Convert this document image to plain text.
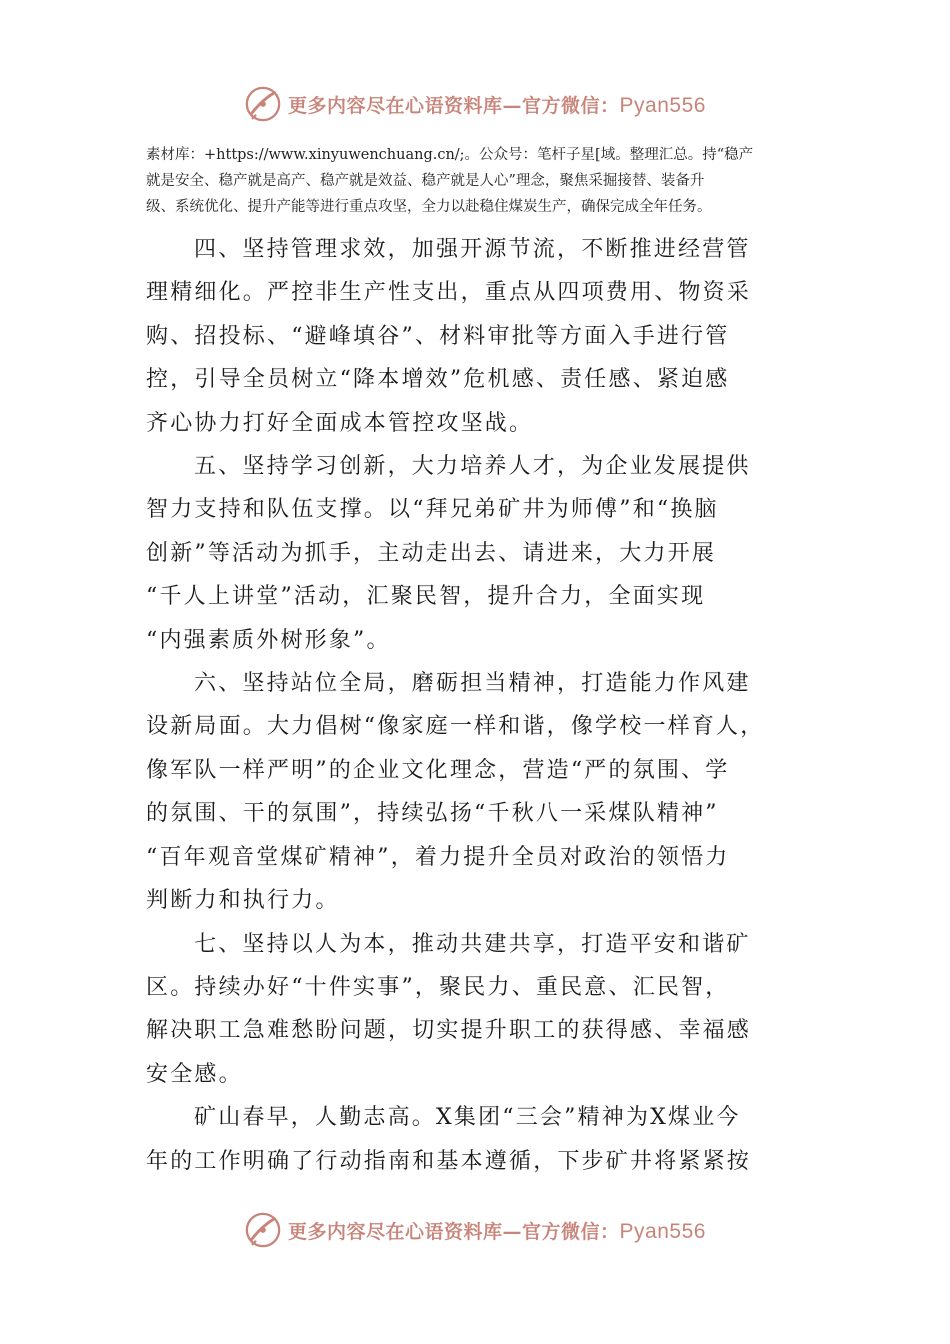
更多内容尽在心语资料库—官方微信：Pyan556

素材库：+https://www.xinyuwenchuang.cn/;。公众号：笔杆子星[域。整理汇总。持“稳产

就是安全、稳产就是高产、稳产就是效益、稳产就是人心”理念，聚焦采掘接替、装备升

级、系统优化、提升产能等进行重点攻坚，全力以赴稳住煤炭生产，确保完成全年任务。

四、坚持管理求效，加强开源节流，不断推进经营管
理精细化。严控非生产性支出，重点从四项费用、物资采
购、招投标、“避峰填谷”、材料审批等方面入手进行管
控，引导全员树立“降本增效”危机感、责任感、紧迫感
齐心协力打好全面成本管控攻坚战。

五、坚持学习创新，大力培养人才，为企业发展提供
智力支持和队伍支撑。以“拜兄弟矿井为师傅”和“换脑
创新”等活动为抓手，主动走出去、请进来，大力开展
“千人上讲堂”活动，汇聚民智，提升合力，全面实现
“内强素质外树形象”。

六、坚持站位全局，磨砺担当精神，打造能力作风建
设新局面。大力倡树“像家庭一样和谐，像学校一样育人，
像军队一样严明”的企业文化理念，营造“严的氛围、学
的氛围、干的氛围”，持续弘扬“千秋八一采煤队精神”
“百年观音堂煤矿精神”，着力提升全员对政治的领悟力
判断力和执行力。

七、坚持以人为本，推动共建共享，打造平安和谐矿
区。持续办好“十件实事”，聚民力、重民意、汇民智，
解决职工急难愁盼问题，切实提升职工的获得感、幸福感
安全感。

矿山春早，人勤志高。X集团“三会”精神为X煤业今
年的工作明确了行动指南和基本遵循，下步矿井将紧紧按

更多内容尽在心语资料库—官方微信：Pyan556
